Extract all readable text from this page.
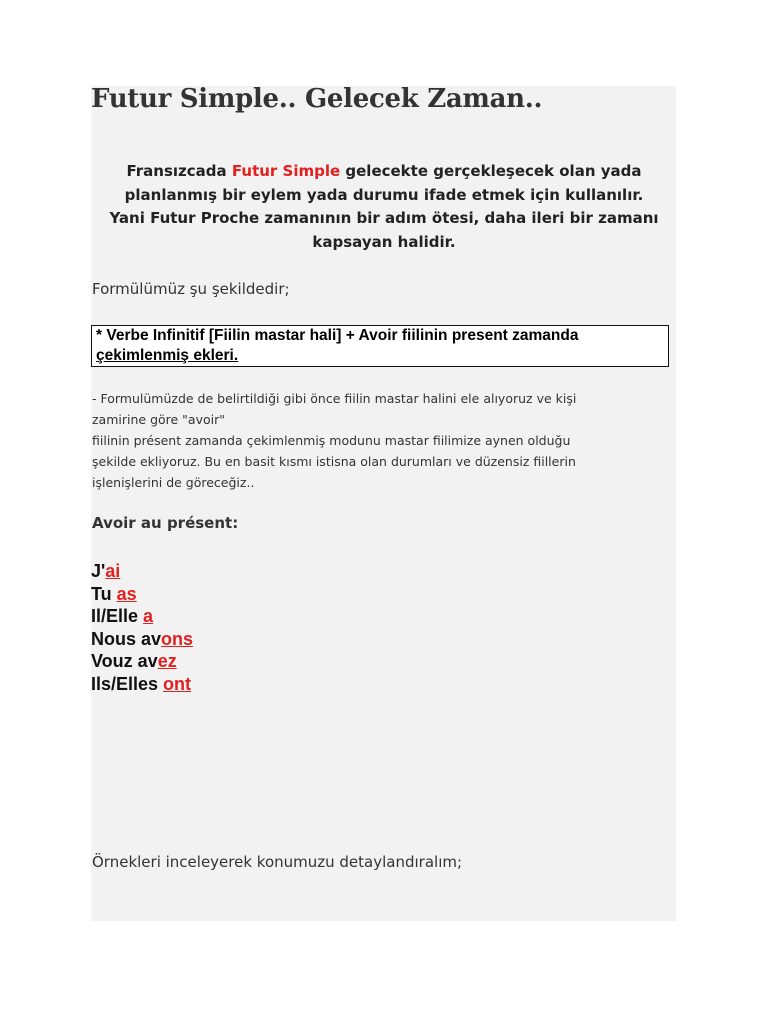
Futur Simple.. Gelecek Zaman..

Fransızcada Futur Simple gelecekte gerçekleşecek olan yada
planlanmış bir eylem yada durumu ifade etmek için kullanılır.
Yani Futur Proche zamanının bir adım ötesi, daha ileri bir zamanı
kapsayan halidir.

Formülümüz şu şekildedir;

* Verbe Infinitif [Fiilin mastar hali] + Avoir fiilinin present zamanda
çekimlenmiş ekleri.

- Formulümüzde de belirtildiği gibi önce fiilin mastar halini ele alıyoruz ve kişi
zamirine göre "avoir"
fiilinin présent zamanda çekimlenmiş modunu mastar fiilimize aynen olduğu
şekilde ekliyoruz. Bu en basit kısmı istisna olan durumları ve düzensiz fiillerin
işlenişlerini de göreceğiz..

Avoir au présent:

J'ai
Tu as
Il/Elle a
Nous avons
Vouz avez
Ils/Elles ont

Örnekleri inceleyerek konumuzu detaylandıralım;
